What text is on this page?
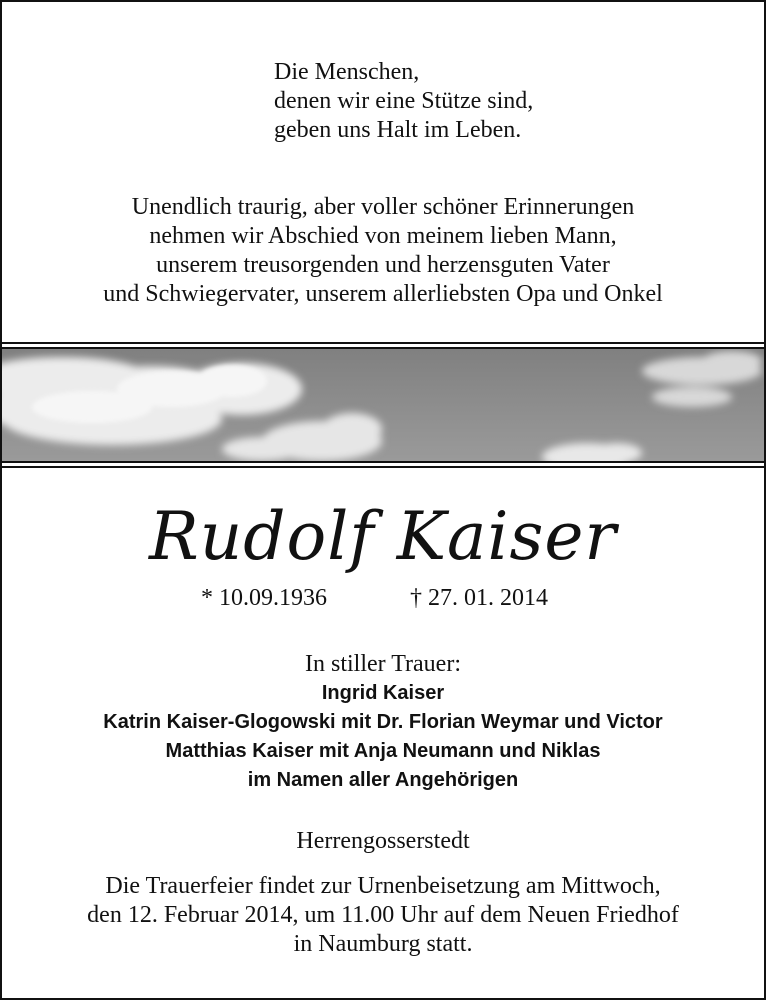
Die Menschen,
denen wir eine Stütze sind,
geben uns Halt im Leben.
Unendlich traurig, aber voller schöner Erinnerungen
nehmen wir Abschied von meinem lieben Mann,
unserem treusorgenden und herzensguten Vater
und Schwiegervater, unserem allerliebsten Opa und Onkel
Rudolf Kaiser
* 10.09.1936	† 27. 01. 2014
In stiller Trauer:
Ingrid Kaiser
Katrin Kaiser-Glogowski mit Dr. Florian Weymar und Victor
Matthias Kaiser mit Anja Neumann und Niklas
im Namen aller Angehörigen
Herrengosserstedt
Die Trauerfeier findet zur Urnenbeisetzung am Mittwoch,
den 12. Februar 2014, um 11.00 Uhr auf dem Neuen Friedhof
in Naumburg statt.
